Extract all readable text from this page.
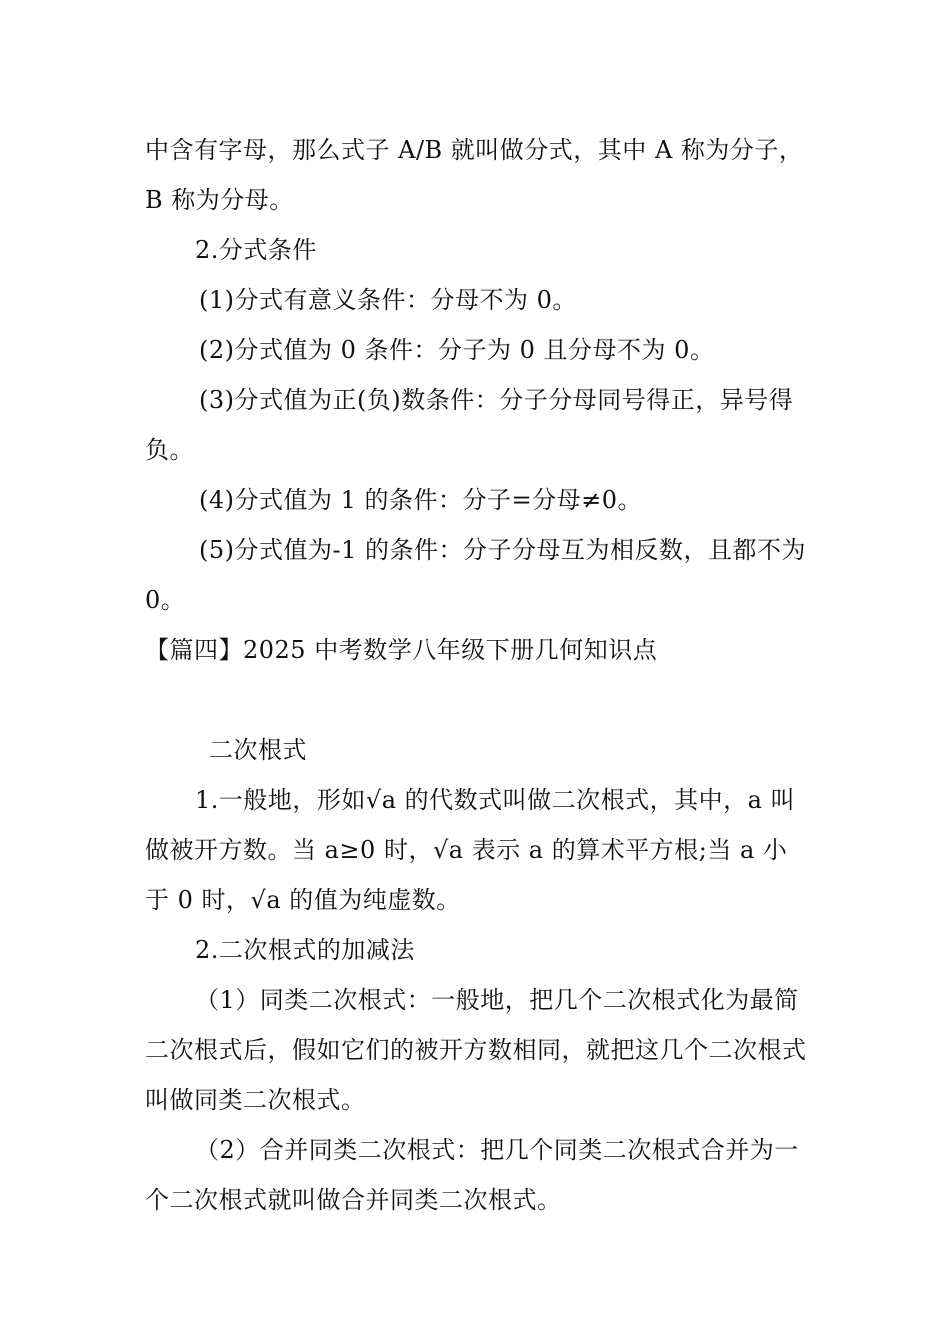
中含有字母，那么式子 A/B 就叫做分式，其中 A 称为分子，B 称为分母。

2.分式条件

(1)分式有意义条件：分母不为 0。

(2)分式值为 0 条件：分子为 0 且分母不为 0。

(3)分式值为正(负)数条件：分子分母同号得正，异号得负。

(4)分式值为 1 的条件：分子=分母≠0。

(5)分式值为-1 的条件：分子分母互为相反数，且都不为 0。

【篇四】2025 中考数学八年级下册几何知识点

二次根式

1.一般地，形如√a 的代数式叫做二次根式，其中，a 叫做被开方数。当 a≥0 时，√a 表示 a 的算术平方根;当 a 小于 0 时，√a 的值为纯虚数。

2.二次根式的加减法

（1）同类二次根式：一般地，把几个二次根式化为最简二次根式后，假如它们的被开方数相同，就把这几个二次根式叫做同类二次根式。

（2）合并同类二次根式：把几个同类二次根式合并为一个二次根式就叫做合并同类二次根式。
